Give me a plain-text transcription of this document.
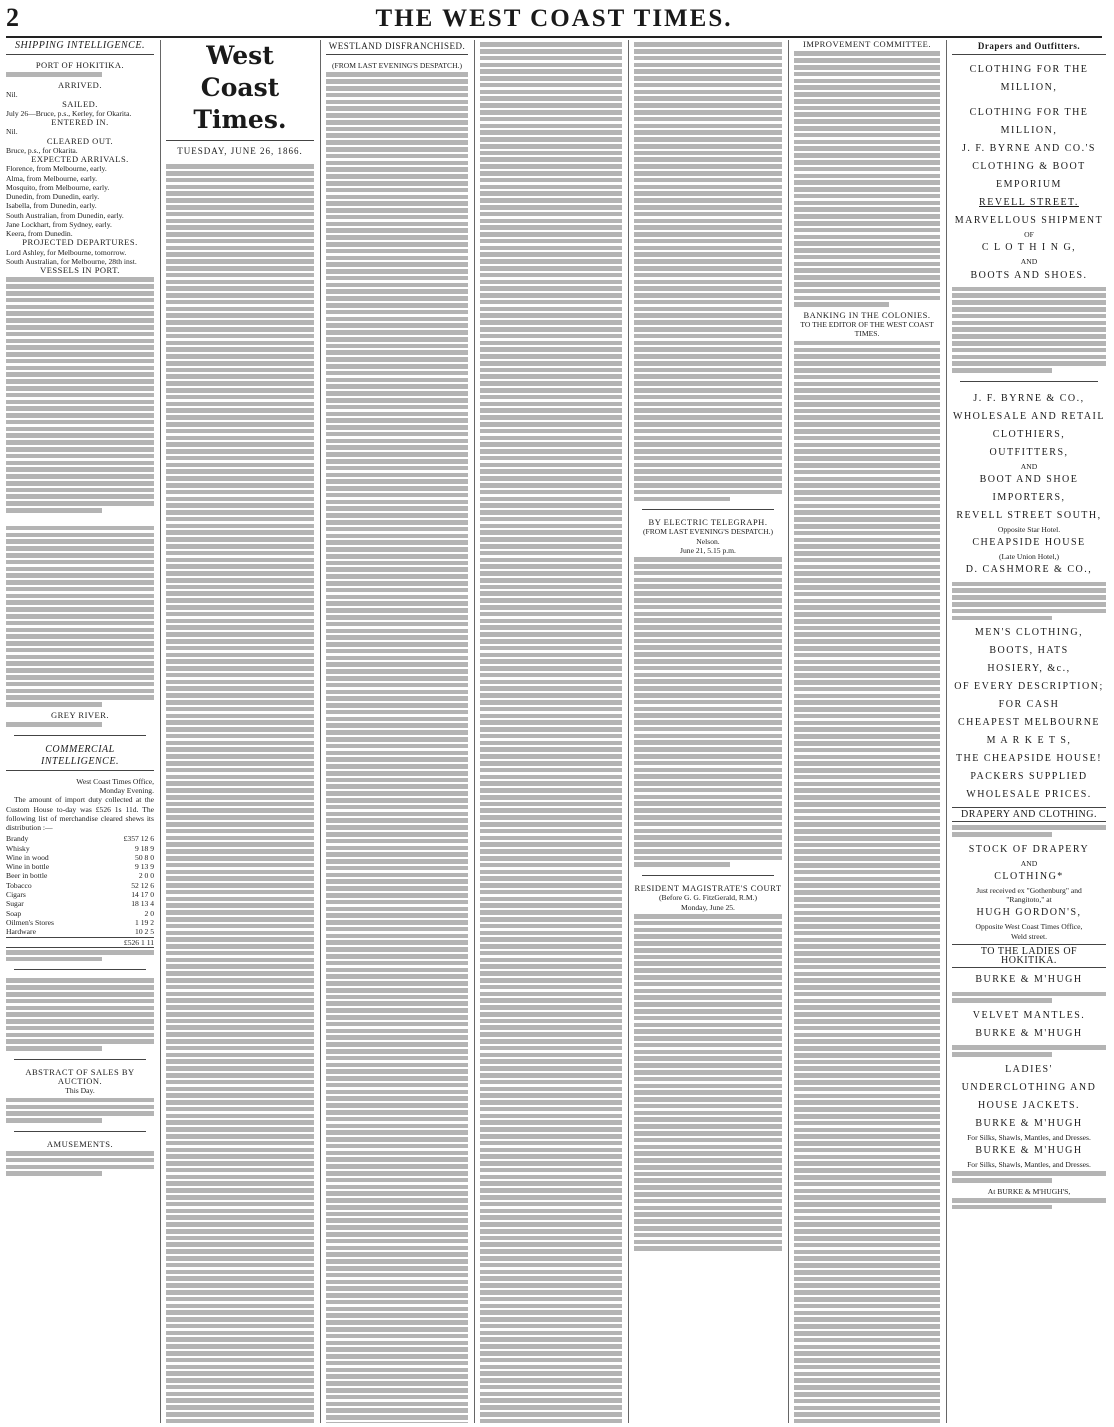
2	THE WEST COAST TIMES.
SHIPPING INTELLIGENCE.
PORT OF HOKITIKA.
ARRIVED.
Nil.
SAILED.
July 26—Bruce, p.s., Kerley, for Okarita.
ENTERED IN.
Nil.
CLEARED OUT.
Bruce, p.s., for Okarita.
EXPECTED ARRIVALS.
Florence, from Melbourne, early.
Alma, from Melbourne, early.
Mosquito, from Melbourne, early.
Dunedin, from Dunedin, early.
Isabella, from Dunedin, early.
South Australian, from Dunedin, early.
Jane Lockhart, from Sydney, early.
Keera, from Dunedin.
PROJECTED DEPARTURES.
Lord Ashley, for Melbourne, tomorrow.
South Australian, for Melbourne, 28th inst.
VESSELS IN PORT.
GREY RIVER.
COMMERCIAL INTELLIGENCE.
West Coast Times Office,
Monday Evening.
The amount of import duty collected at the Custom House to-day was £526 1s 11d. The following list of merchandise cleared shews its distribution :—
Brandy	£357 12 6
Whisky	9 18 9
Wine in wood	50 8 0
Wine in bottle	9 13 9
Beer in bottle	2 0 0
Tobacco	52 12 6
Cigars	14 17 0
Sugar	18 13 4
Soap	2 0
Oilmen's Stores	1 19 2
Hardware	10 2 5
	£526 1 11
ABSTRACT OF SALES BY AUCTION.
This Day.
AMUSEMENTS.
West Coast Times.
TUESDAY, JUNE 26, 1866.
WESTLAND DISFRANCHISED.
(FROM LAST EVENING'S DESPATCH.)
BY ELECTRIC TELEGRAPH.
(FROM LAST EVENING'S DESPATCH.)
Nelson.
June 21, 5.15 p.m.
RESIDENT MAGISTRATE'S COURT
(Before G. G. FitzGerald, R.M.)
Monday, June 25.
IMPROVEMENT COMMITTEE.
BANKING IN THE COLONIES.
TO THE EDITOR OF THE WEST COAST TIMES.
Drapers and Outfitters.
CLOTHING FOR THE MILLION,
CLOTHING FOR THE MILLION,
J. F. BYRNE AND CO.'S
CLOTHING & BOOT EMPORIUM
REVELL STREET.
MARVELLOUS SHIPMENT
OF
C L O T H I N G,
AND
BOOTS AND SHOES.
J. F. BYRNE & CO.,
WHOLESALE AND RETAIL
CLOTHIERS, OUTFITTERS,
AND
BOOT AND SHOE IMPORTERS,
REVELL STREET SOUTH,
Opposite Star Hotel.
CHEAPSIDE HOUSE
(Late Union Hotel,)
D. CASHMORE & CO.,
MEN'S CLOTHING, BOOTS, HATS
HOSIERY, &c.,
OF EVERY DESCRIPTION;
FOR CASH
CHEAPEST MELBOURNE
M A R K E T S,
THE CHEAPSIDE HOUSE!
PACKERS SUPPLIED
WHOLESALE PRICES.
DRAPERY AND CLOTHING.
STOCK OF DRAPERY
AND
CLOTHING*
Just received ex "Gothenburg" and
"Rangitoto," at
HUGH GORDON'S,
Opposite West Coast Times Office,
Weld street.
TO THE LADIES OF HOKITIKA.
BURKE & M'HUGH
VELVET MANTLES.
BURKE & M'HUGH
LADIES' UNDERCLOTHING AND
HOUSE JACKETS.
BURKE & M'HUGH
For Silks, Shawls, Mantles, and Dresses.
BURKE & M'HUGH
For Silks, Shawls, Mantles, and Dresses.
At BURKE & M'HUGH'S,
